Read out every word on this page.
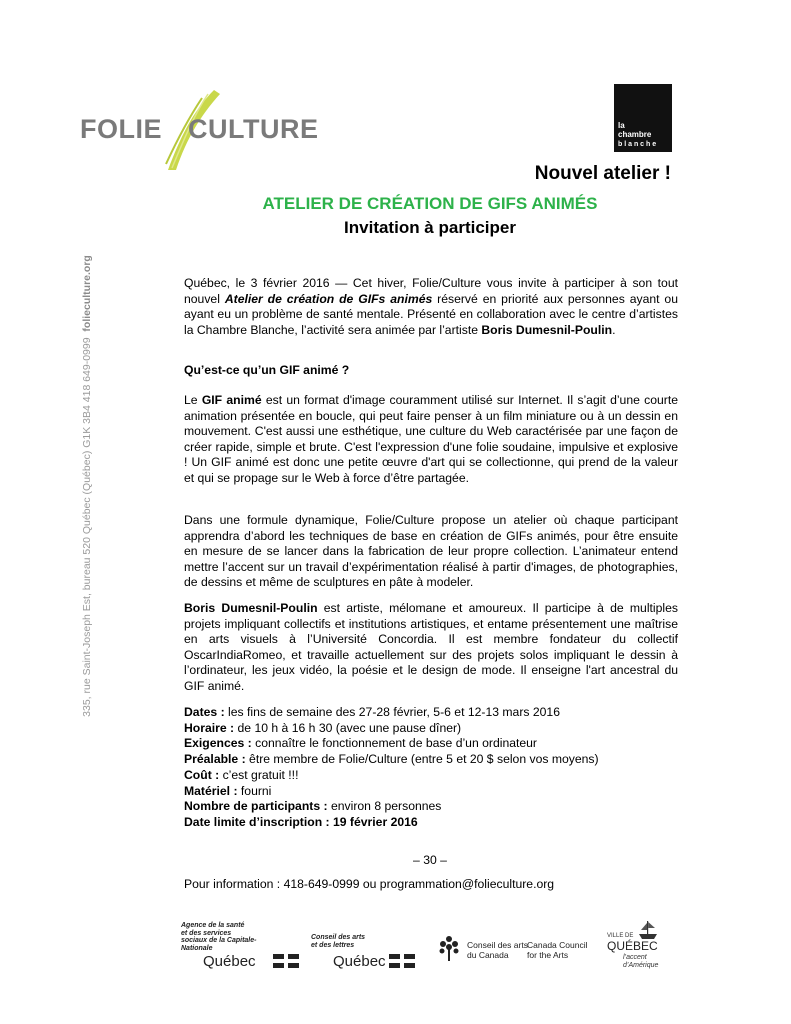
FOLIE CULTURE	la
chambre
b l a n c h e
335, rue Saint-Joseph Est, bureau 520 Québec (Québec) G1K 3B4 418 649-0999  folieculture.org
Nouvel atelier !
ATELIER DE CRÉATION DE GIFS ANIMÉS
Invitation à participer
Québec, le 3 février 2016 — Cet hiver, Folie/Culture vous invite à participer à son tout nouvel Atelier de création de GIFs animés réservé en priorité aux personnes ayant ou ayant eu un problème de santé mentale. Présenté en collaboration avec le centre d’artistes la Chambre Blanche, l’activité sera animée par l’artiste Boris Dumesnil-Poulin.
Qu’est-ce qu’un GIF animé ?
Le GIF animé est un format d'image couramment utilisé sur Internet. Il s’agit d’une courte animation présentée en boucle, qui peut faire penser à un film miniature ou à un dessin en mouvement. C'est aussi une esthétique, une culture du Web caractérisée par une façon de créer rapide, simple et brute. C'est l'expression d'une folie soudaine, impulsive et explosive ! Un GIF animé est donc une petite œuvre d'art qui se collectionne, qui prend de la valeur et qui se propage sur le Web à force d’être partagée.
Dans une formule dynamique, Folie/Culture propose un atelier où chaque participant apprendra d’abord les techniques de base en création de GIFs animés, pour être ensuite en mesure de se lancer dans la fabrication de leur propre collection. L’animateur entend mettre l’accent sur un travail d’expérimentation réalisé à partir d'images, de photographies, de dessins et même de sculptures en pâte à modeler.
Boris Dumesnil-Poulin est artiste, mélomane et amoureux. Il participe à de multiples projets impliquant collectifs et institutions artistiques, et entame présentement une maîtrise en arts visuels à l’Université Concordia. Il est membre fondateur du collectif OscarIndiaRomeo, et travaille actuellement sur des projets solos impliquant le dessin à l’ordinateur, les jeux vidéo, la poésie et le design de mode. Il enseigne l'art ancestral du GIF animé.
Dates : les fins de semaine des 27-28 février, 5-6 et 12-13 mars 2016
Horaire : de 10 h à 16 h 30 (avec une pause dîner)
Exigences : connaître le fonctionnement de base d’un ordinateur
Préalable : être membre de Folie/Culture (entre 5 et 20 $ selon vos moyens)
Coût : c’est gratuit !!!
Matériel : fourni
Nombre de participants : environ 8 personnes
Date limite d’inscription : 19 février 2016
– 30 –
Pour information : 418-649-0999 ou programmation@folieculture.org
Agence de la santé
et des services
sociaux de la Capitale-
Nationale
Québec
Conseil des arts
et des lettres
Québec
Conseil des arts
du Canada
Canada Council
for the Arts
VILLE DE
QUÉBEC
l’accent
d’Amérique
